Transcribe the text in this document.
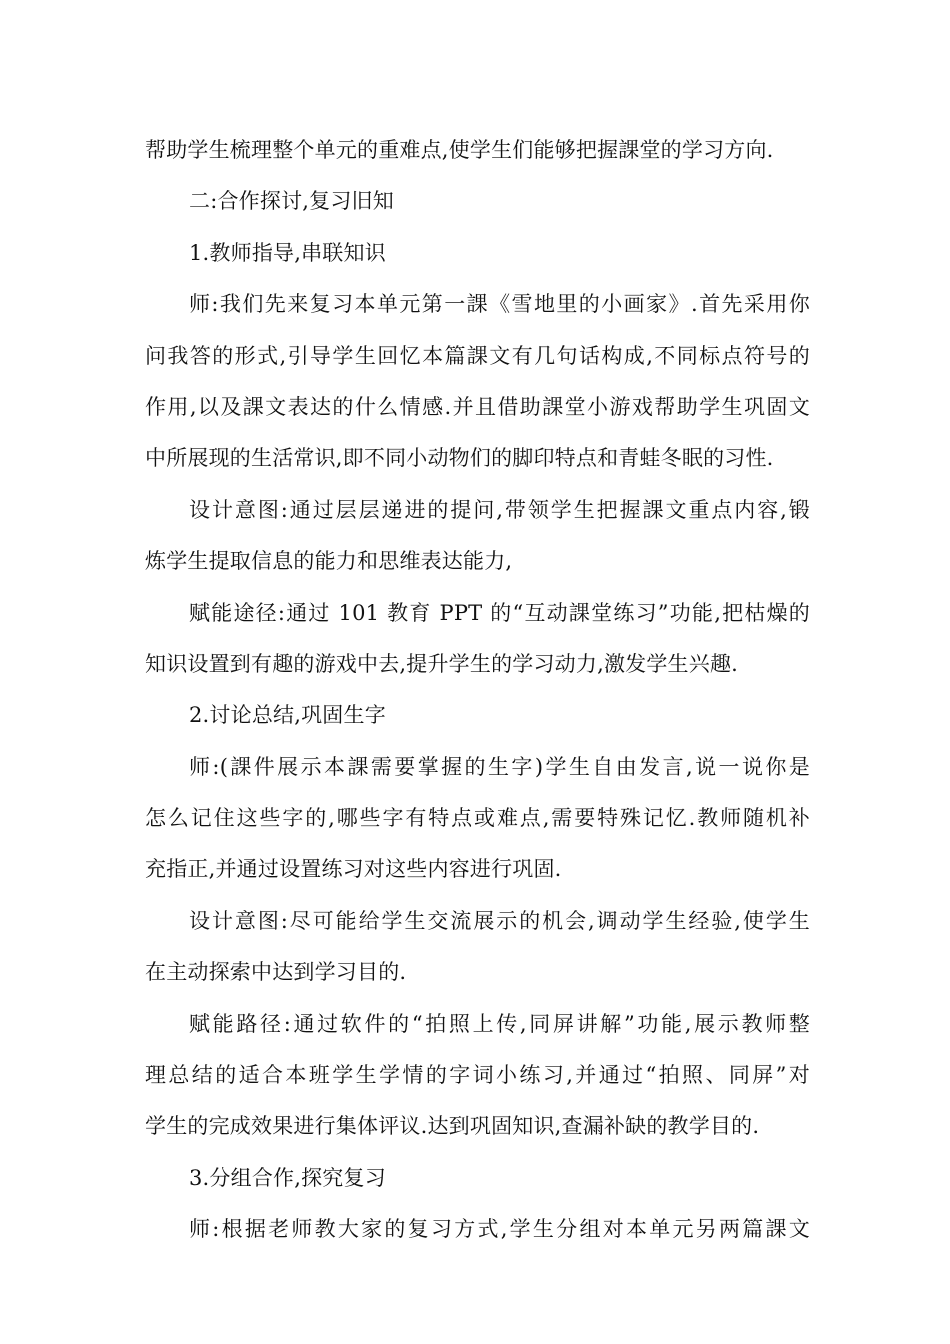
帮助学生梳理整个单元的重难点,使学生们能够把握課堂的学习方向.
二:合作探讨,复习旧知
1.教师指导,串联知识
师:我们先来复习本单元第一課《雪地里的小画家》.首先采用你
问我答的形式,引导学生回忆本篇課文有几句话构成,不同标点符号的
作用,以及課文表达的什么情感.并且借助課堂小游戏帮助学生巩固文
中所展现的生活常识,即不同小动物们的脚印特点和青蛙冬眠的习性.
设计意图:通过层层递进的提问,带领学生把握課文重点内容,锻
炼学生提取信息的能力和思维表达能力,
赋能途径:通过 101 教育 PPT 的“互动課堂练习”功能,把枯燥的
知识设置到有趣的游戏中去,提升学生的学习动力,激发学生兴趣.
2.讨论总结,巩固生字
师:(課件展示本課需要掌握的生字)学生自由发言,说一说你是
怎么记住这些字的,哪些字有特点或难点,需要特殊记忆.教师随机补
充指正,并通过设置练习对这些内容进行巩固.
设计意图:尽可能给学生交流展示的机会,调动学生经验,使学生
在主动探索中达到学习目的.
赋能路径:通过软件的“拍照上传,同屏讲解”功能,展示教师整
理总结的适合本班学生学情的字词小练习,并通过“拍照、同屏”对
学生的完成效果进行集体评议.达到巩固知识,查漏补缺的教学目的.
3.分组合作,探究复习
师:根据老师教大家的复习方式,学生分组对本单元另两篇課文
